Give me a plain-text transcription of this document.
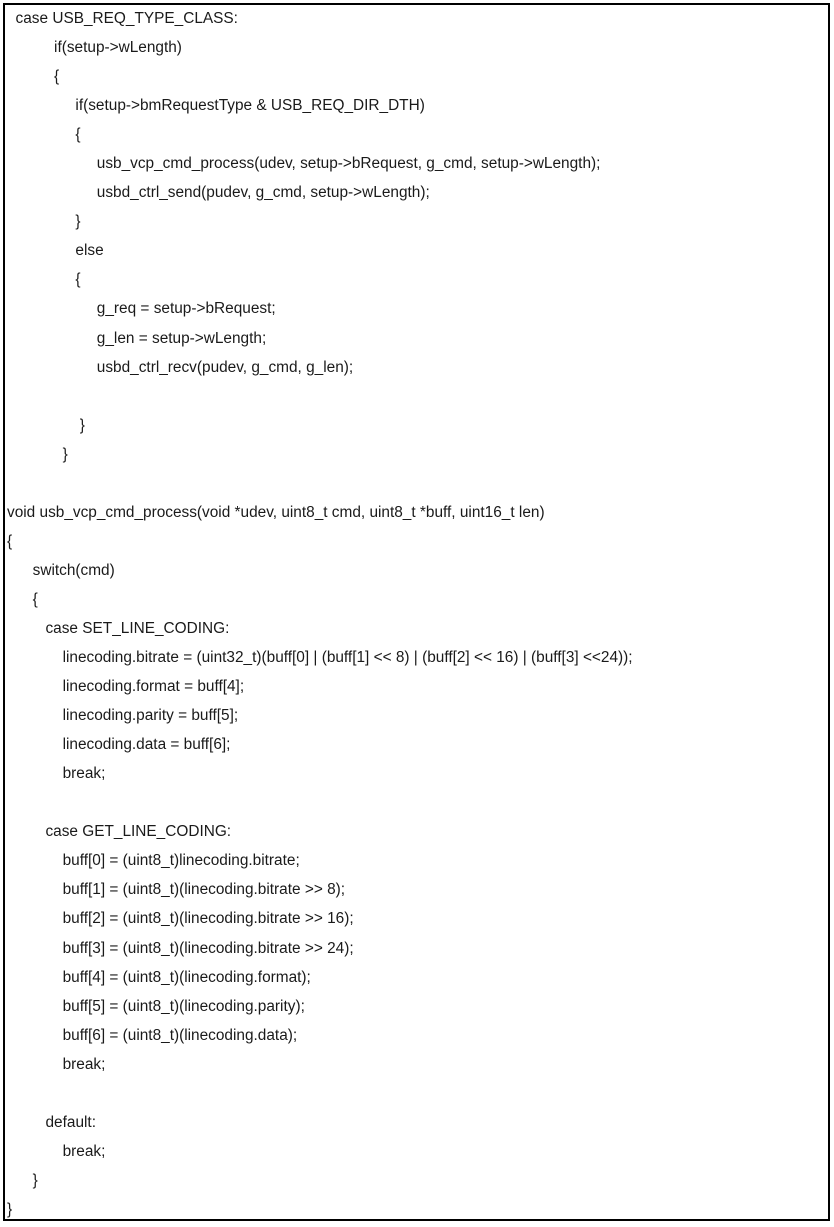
case USB_REQ_TYPE_CLASS:
if(setup->wLength)
{
if(setup->bmRequestType & USB_REQ_DIR_DTH)
{
usb_vcp_cmd_process(udev, setup->bRequest, g_cmd, setup->wLength);
usbd_ctrl_send(pudev, g_cmd, setup->wLength);
}
else
{
g_req = setup->bRequest;
g_len = setup->wLength;
usbd_ctrl_recv(pudev, g_cmd, g_len);

}
}

void usb_vcp_cmd_process(void *udev, uint8_t cmd, uint8_t *buff, uint16_t len)
{
switch(cmd)
{
case SET_LINE_CODING:
linecoding.bitrate = (uint32_t)(buff[0] | (buff[1] << 8) | (buff[2] << 16) | (buff[3] <<24));
linecoding.format = buff[4];
linecoding.parity = buff[5];
linecoding.data = buff[6];
break;

case GET_LINE_CODING:
buff[0] = (uint8_t)linecoding.bitrate;
buff[1] = (uint8_t)(linecoding.bitrate >> 8);
buff[2] = (uint8_t)(linecoding.bitrate >> 16);
buff[3] = (uint8_t)(linecoding.bitrate >> 24);
buff[4] = (uint8_t)(linecoding.format);
buff[5] = (uint8_t)(linecoding.parity);
buff[6] = (uint8_t)(linecoding.data);
break;

default:
break;
}
}
